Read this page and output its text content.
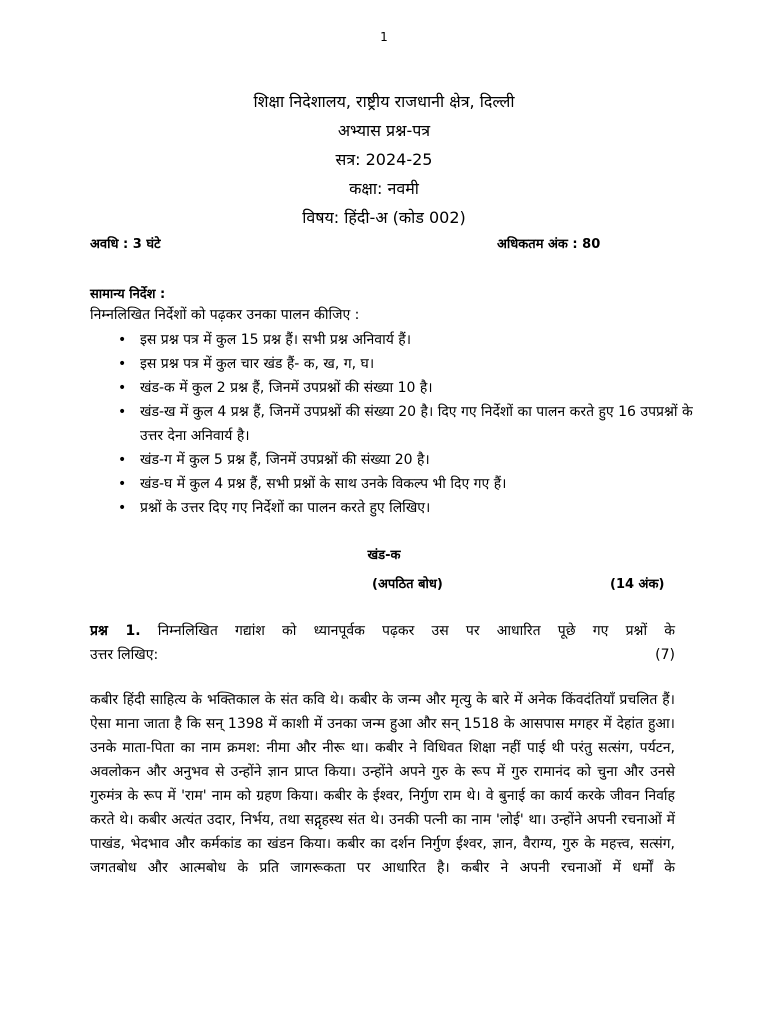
1
शिक्षा निदेशालय, राष्ट्रीय राजधानी क्षेत्र, दिल्ली
अभ्यास प्रश्न-पत्र
सत्र: 2024-25
कक्षा: नवमी
विषय: हिंदी-अ (कोड 002)
अवधि : 3 घंटे	अधिकतम अंक : 80
सामान्य निर्देश :
निम्नलिखित निर्देशों को पढ़कर उनका पालन कीजिए :
• इस प्रश्न पत्र में कुल 15 प्रश्न हैं। सभी प्रश्न अनिवार्य हैं।
• इस प्रश्न पत्र में कुल चार खंड हैं- क, ख, ग, घ।
• खंड-क में कुल 2 प्रश्न हैं, जिनमें उपप्रश्नों की संख्या 10 है।
• खंड-ख में कुल 4 प्रश्न हैं, जिनमें उपप्रश्नों की संख्या 20 है। दिए गए निर्देशों का पालन करते हुए 16 उपप्रश्नों के उत्तर देना अनिवार्य है।
• खंड-ग में कुल 5 प्रश्न हैं, जिनमें उपप्रश्नों की संख्या 20 है।
• खंड-घ में कुल 4 प्रश्न हैं, सभी प्रश्नों के साथ उनके विकल्प भी दिए गए हैं।
• प्रश्नों के उत्तर दिए गए निर्देशों का पालन करते हुए लिखिए।
खंड-क
(अपठित बोध)	(14 अंक)
प्रश्न 1. निम्नलिखित गद्यांश को ध्यानपूर्वक पढ़कर उस पर आधारित पूछे गए प्रश्नों के
उत्तर लिखिए:	(7)
कबीर हिंदी साहित्य के भक्तिकाल के संत कवि थे। कबीर के जन्म और मृत्यु के बारे में अनेक किंवदंतियाँ प्रचलित हैं। ऐसा माना जाता है कि सन् 1398 में काशी में उनका जन्म हुआ और सन् 1518 के आसपास मगहर में देहांत हुआ। उनके माता-पिता का नाम क्रमश: नीमा और नीरू था। कबीर ने विधिवत शिक्षा नहीं पाई थी परंतु सत्संग, पर्यटन, अवलोकन और अनुभव से उन्होंने ज्ञान प्राप्त किया। उन्होंने अपने गुरु के रूप में गुरु रामानंद को चुना और उनसे गुरुमंत्र के रूप में 'राम' नाम को ग्रहण किया। कबीर के ईश्वर, निर्गुण राम थे। वे बुनाई का कार्य करके जीवन निर्वाह करते थे। कबीर अत्यंत उदार, निर्भय, तथा सद्गृहस्थ संत थे। उनकी पत्नी का नाम 'लोई' था। उन्होंने अपनी रचनाओं में पाखंड, भेदभाव और कर्मकांड का खंडन किया। कबीर का दर्शन निर्गुण ईश्वर, ज्ञान, वैराग्य, गुरु के महत्त्व, सत्संग, जगतबोध और आत्मबोध के प्रति जागरूकता पर आधारित है। कबीर ने अपनी रचनाओं में धर्मों के
